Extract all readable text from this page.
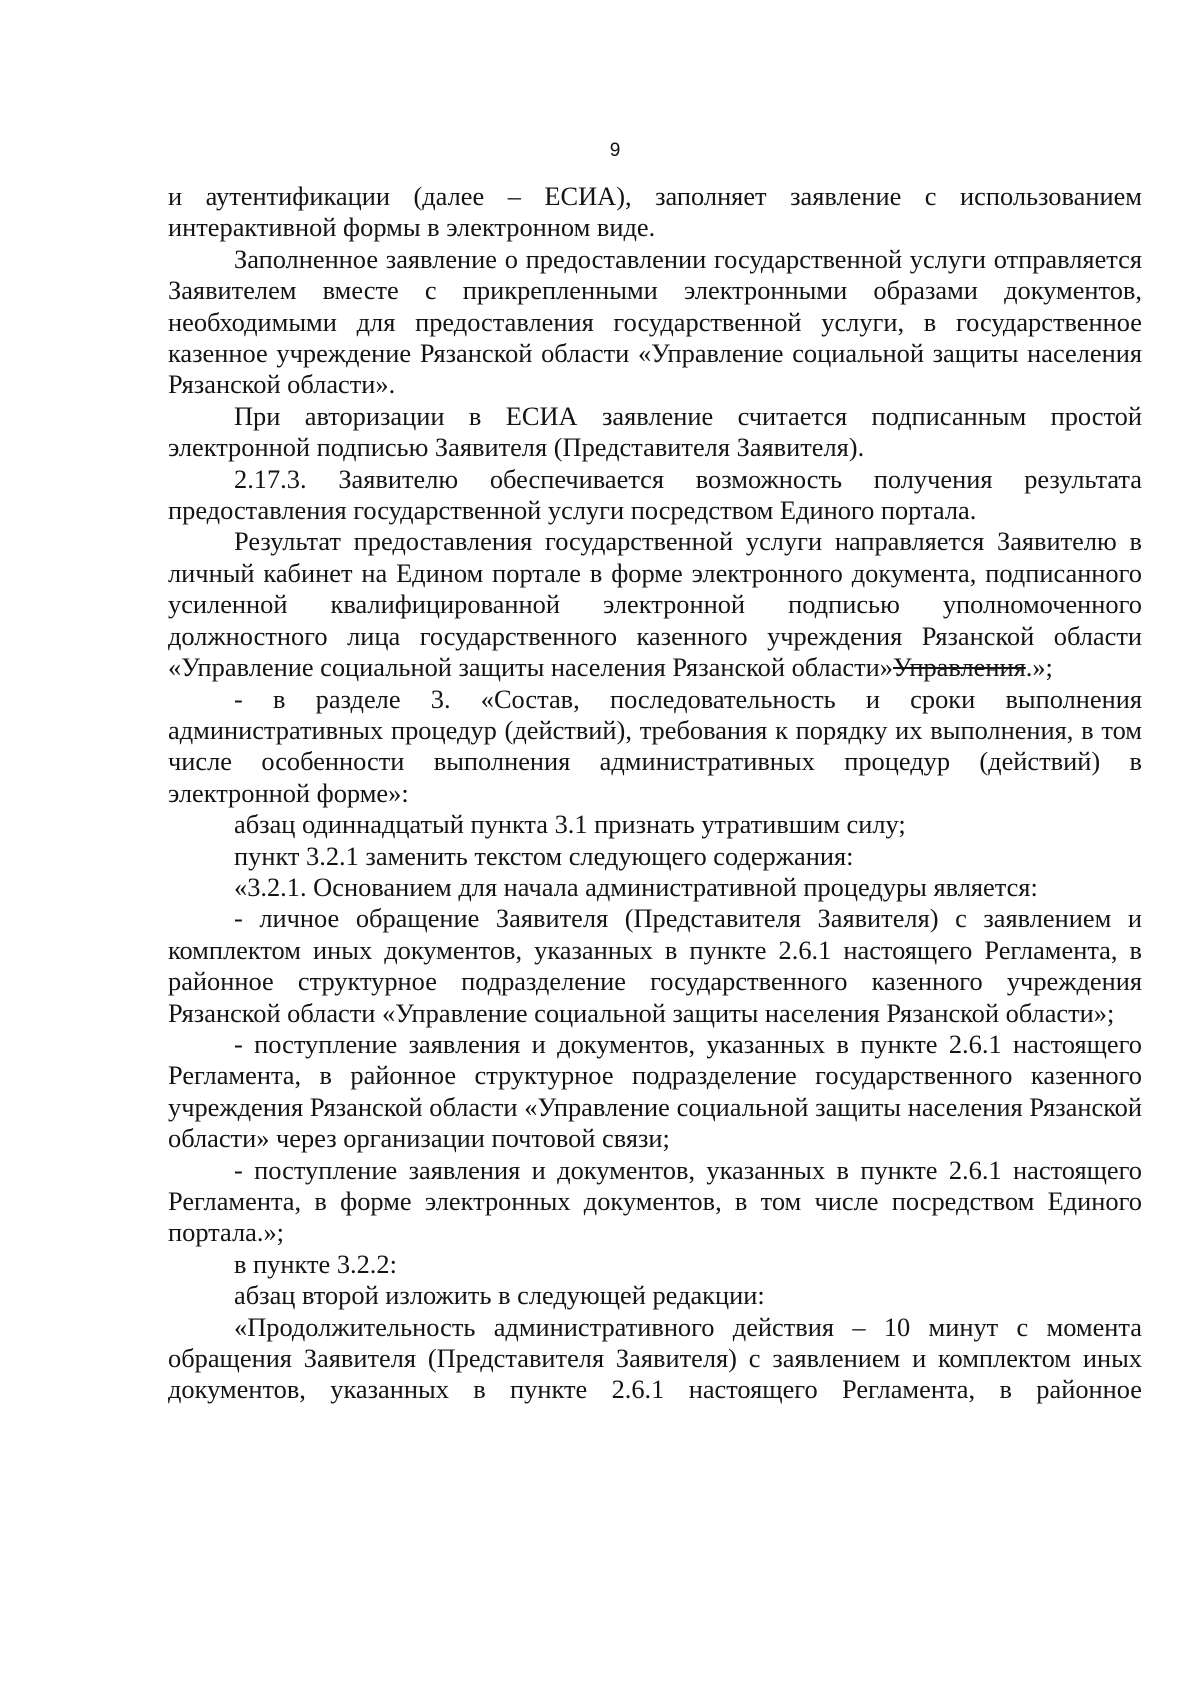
9

и аутентификации (далее – ЕСИА), заполняет заявление с использованием интерактивной формы в электронном виде.

Заполненное заявление о предоставлении государственной услуги отправляется Заявителем вместе с прикрепленными электронными образами документов, необходимыми для предоставления государственной услуги, в государственное казенное учреждение Рязанской области «Управление социальной защиты населения Рязанской области».

При авторизации в ЕСИА заявление считается подписанным простой электронной подписью Заявителя (Представителя Заявителя).

2.17.3. Заявителю обеспечивается возможность получения результата предоставления государственной услуги посредством Единого портала.

Результат предоставления государственной услуги направляется Заявителю в личный кабинет на Едином портале в форме электронного документа, подписанного усиленной квалифицированной электронной подписью уполномоченного должностного лица государственного казенного учреждения Рязанской области «Управление социальной защиты населения Рязанской области»Управления.»;

- в разделе 3. «Состав, последовательность и сроки выполнения административных процедур (действий), требования к порядку их выполнения, в том числе особенности выполнения административных процедур (действий) в электронной форме»:

абзац одиннадцатый пункта 3.1 признать утратившим силу;

пункт 3.2.1 заменить текстом следующего содержания:

«3.2.1. Основанием для начала административной процедуры является:

- личное обращение Заявителя (Представителя Заявителя) с заявлением и комплектом иных документов, указанных в пункте 2.6.1 настоящего Регламента, в районное структурное подразделение государственного казенного учреждения Рязанской области «Управление социальной защиты населения Рязанской области»;

- поступление заявления и документов, указанных в пункте 2.6.1 настоящего Регламента, в районное структурное подразделение государственного казенного учреждения Рязанской области «Управление социальной защиты населения Рязанской области» через организации почтовой связи;

- поступление заявления и документов, указанных в пункте 2.6.1 настоящего Регламента, в форме электронных документов, в том числе посредством Единого портала.»;

в пункте 3.2.2:

абзац второй изложить в следующей редакции:

«Продолжительность административного действия – 10 минут с момента обращения Заявителя (Представителя Заявителя) с заявлением и комплектом иных документов, указанных в пункте 2.6.1 настоящего Регламента, в районное
